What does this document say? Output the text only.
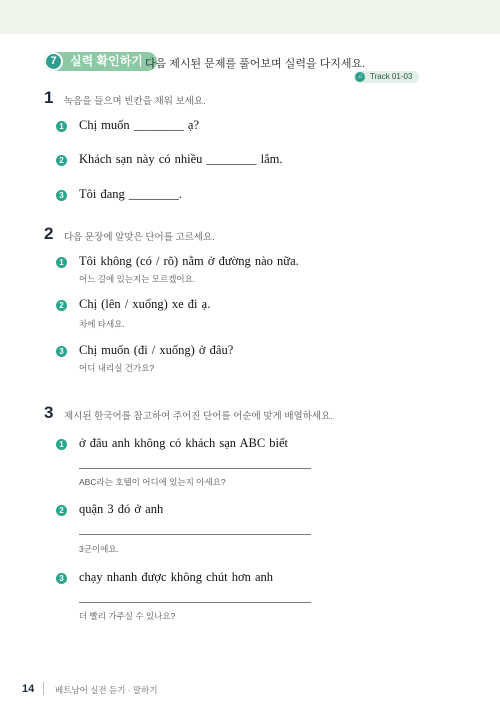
실력 확인하기
7	다음 제시된 문제를 풀어보며 실력을 다지세요.
Track 01-03
♫
1 녹음을 들으며 빈칸을 채워 보세요.
1 Chị muốn ________ ạ?
2 Khách sạn này có nhiều ________ lắm.
3 Tôi đang ________.
2 다음 문장에 알맞은 단어를 고르세요.
1 Tôi không (có / rõ) nằm ở đường nào nữa.
어느 길에 있는지는 모르겠어요.
2 Chị (lên / xuống) xe đi ạ.
차에 타세요.
3 Chị muốn (đi / xuống) ở đâu?
어디 내리실 건가요?
3 제시된 한국어를 참고하여 주어진 단어를 어순에 맞게 배열하세요.
1 ở đâu anh không có khách sạn ABC biết
ABC라는 호텔이 어디에 있는지 아세요?
2 quận 3 đó ở anh
3군이에요.
3 chạy nhanh được không chút hơn anh
더 빨리 가주실 수 있나요?
14 베트남어 실전 듣기 · 말하기
